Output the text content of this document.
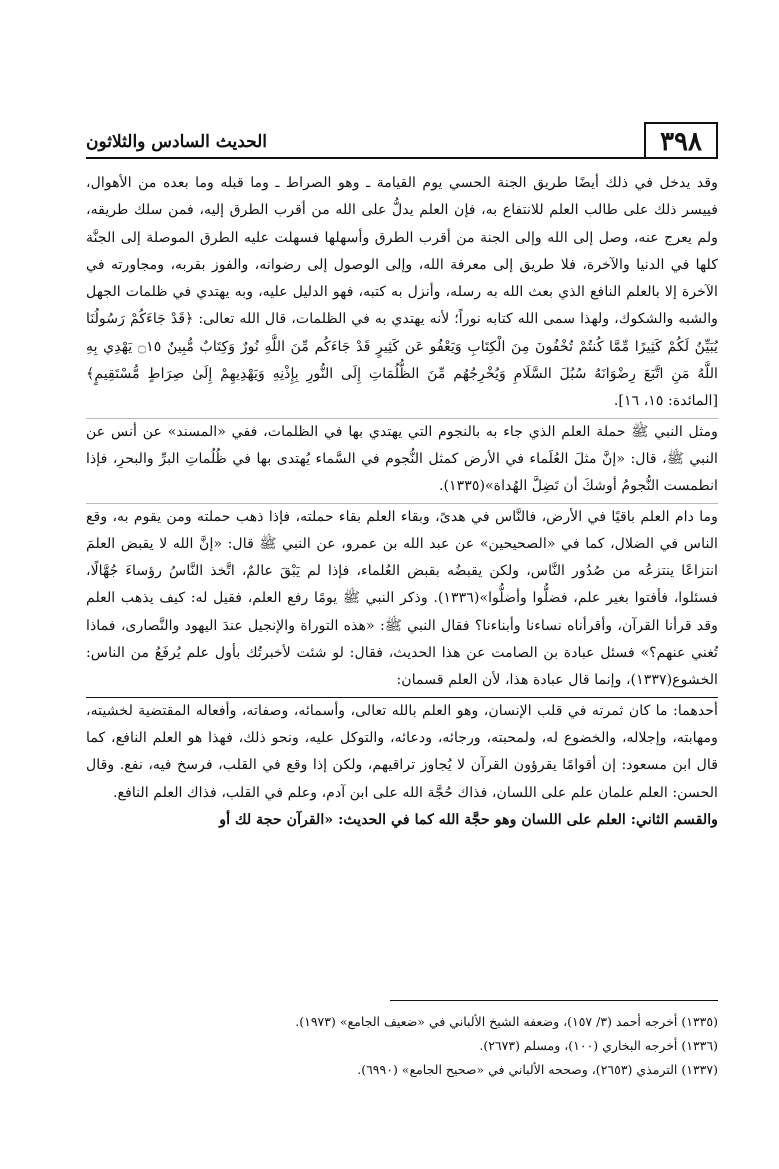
٣٩٨
الحديث السادس والثلاثون

وقد يدخل في ذلك أيضًا طريق الجنة الحسي يوم القيامة ـ وهو الصراط ـ وما قبله وما بعده من الأهوال، فييسر ذلك على طالب العلم للانتفاع به، فإن العلم يدلُّ على الله من أقرب الطرق إليه، فمن سلك طريقه، ولم يعرج عنه، وصل إلى الله وإلى الجنة من أقرب الطرق وأسهلها فسهلت عليه الطرق الموصلة إلى الجنَّة كلها في الدنيا والآخرة، فلا طريق إلى معرفة الله، وإلى الوصول إلى رضوانه، والفوز بقربه، ومجاورته في الآخرة إلا بالعلم النافع الذي بعث الله به رسله، وأنزل به كتبه، فهو الدليل عليه، وبه يهتدي في ظلمات الجهل والشبه والشكوك، ولهذا سمى الله كتابه نوراً؛ لأنه يهتدي به في الظلمات، قال الله تعالى: ﴿قَدْ جَاءَكُمْ رَسُولُنَا يُبَيِّنُ لَكُمْ كَثِيرًا مِّمَّا كُنتُمْ تُخْفُونَ مِنَ الْكِتَابِ وَيَعْفُو عَن كَثِيرٍ قَدْ جَاءَكُم مِّنَ اللَّهِ نُورٌ وَكِتَابٌ مُّبِينٌ ۝١٥ يَهْدِي بِهِ اللَّهُ مَنِ اتَّبَعَ رِضْوَانَهُ سُبُلَ السَّلَامِ وَيُخْرِجُهُم مِّنَ الظُّلُمَاتِ إِلَى النُّورِ بِإِذْنِهِ وَيَهْدِيهِمْ إِلَىٰ صِرَاطٍ مُّسْتَقِيمٍ﴾ [المائدة: ١٥، ١٦].

ومثل النبي ﷺ حملة العلم الذي جاء به بالنجوم التي يهتدي بها في الظلمات، ففي «المسند» عن أنس عن النبي ﷺ، قال: «إنَّ مثلَ العُلَماء في الأرض كمثل النُّجوم في السَّماء يُهتدى بها في ظُلُماتِ البرِّ والبحرِ، فإذا انطمست النُّجومُ أوشكَ أن تَضِلَّ الهُداة»(١٣٣٥).

وما دام العلم باقيًا في الأرض، فالنَّاس في هدىً، وبقاء العلم بقاء حملته، فإذا ذهب حملته ومن يقوم به، وقع الناس في الضلال، كما في «الصحيحين» عن عبد الله بن عمرو، عن النبي ﷺ قال: «إنَّ الله لا يقبض العلمَ انتزاعًا ينتزعُه من صُدُور النَّاس، ولكن يقبضُه بقبض العُلماء، فإذا لم يَبْقَ عالمٌ، اتَّخذ النَّاسُ رؤساءَ جُهَّالًا، فسئلوا، فأفتوا بغير علم، فضلُّوا وأضلُّوا»(١٣٣٦). وذكر النبي ﷺ يومًا رفع العلم، فقيل له: كيف يذهب العلم وقد قرأنا القرآن، وأقرأناه نساءنا وأبناءنا؟ فقال النبي ﷺ: «هذه التوراة والإنجيل عندَ اليهود والنَّصارى، فماذا تُغني عنهم؟» فسئل عبادة بن الصامت عن هذا الحديث، فقال: لو شئت لأخبرتُك بأول علم يُرفَعُ من الناس: الخشوع(١٣٣٧)، وإنما قال عبادة هذا، لأن العلم قسمان:

أحدهما: ما كان ثمرته في قلب الإنسان، وهو العلم بالله تعالى، وأسمائه، وصفاته، وأفعاله المقتضية لخشيته، ومهابته، وإجلاله، والخضوع له، ولمحبته، ورجائه، ودعائه، والتوكل عليه، ونحو ذلك، فهذا هو العلم النافع، كما قال ابن مسعود: إن أقوامًا يقرؤون القرآن لا يُجاوز تراقيهم، ولكن إذا وقع في القلب، فرسخ فيه، نفع. وقال الحسن: العلم علمان علم على اللسان، فذاك حُجَّة الله على ابن آدم، وعلم في القلب، فذاك العلم النافع.

والقسم الثاني: العلم على اللسان وهو حجَّة الله كما في الحديث: «القرآن حجة لك أو

(١٣٣٥) أخرجه أحمد (٣/ ١٥٧)، وضعفه الشيخ الألباني في «ضعيف الجامع» (١٩٧٣).
(١٣٣٦) أخرجه البخاري (١٠٠)، ومسلم (٢٦٧٣).
(١٣٣٧) الترمذي (٢٦٥٣)، وصححه الألباني في «صحيح الجامع» (٦٩٩٠).
